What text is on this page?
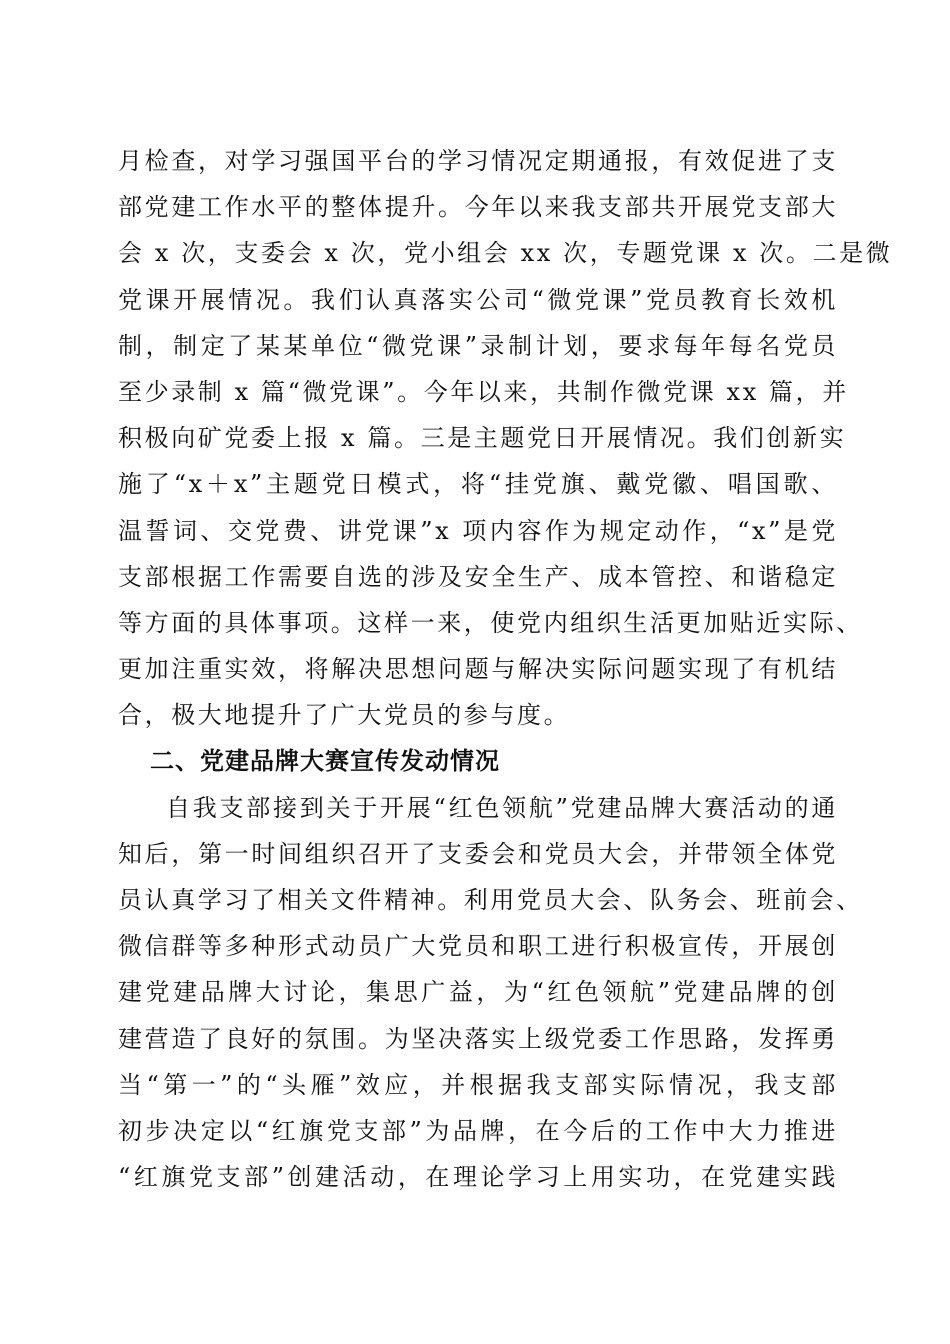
月检查，对学习强国平台的学习情况定期通报，有效促进了支
部党建工作水平的整体提升。今年以来我支部共开展党支部大
会 x 次，支委会 x 次，党小组会 xx 次，专题党课 x 次。二是微
党课开展情况。我们认真落实公司“微党课”党员教育长效机
制，制定了某某单位“微党课”录制计划，要求每年每名党员
至少录制 x 篇“微党课”。今年以来，共制作微党课 xx 篇，并
积极向矿党委上报 x 篇。三是主题党日开展情况。我们创新实
施了“x＋x”主题党日模式，将“挂党旗、戴党徽、唱国歌、
温誓词、交党费、讲党课”x 项内容作为规定动作，“x”是党
支部根据工作需要自选的涉及安全生产、成本管控、和谐稳定
等方面的具体事项。这样一来，使党内组织生活更加贴近实际、
更加注重实效，将解决思想问题与解决实际问题实现了有机结
合，极大地提升了广大党员的参与度。
二、党建品牌大赛宣传发动情况
自我支部接到关于开展“红色领航”党建品牌大赛活动的通
知后，第一时间组织召开了支委会和党员大会，并带领全体党
员认真学习了相关文件精神。利用党员大会、队务会、班前会、
微信群等多种形式动员广大党员和职工进行积极宣传，开展创
建党建品牌大讨论，集思广益，为“红色领航”党建品牌的创
建营造了良好的氛围。为坚决落实上级党委工作思路，发挥勇
当“第一”的“头雁”效应，并根据我支部实际情况，我支部
初步决定以“红旗党支部”为品牌，在今后的工作中大力推进
“红旗党支部”创建活动，在理论学习上用实功，在党建实践
